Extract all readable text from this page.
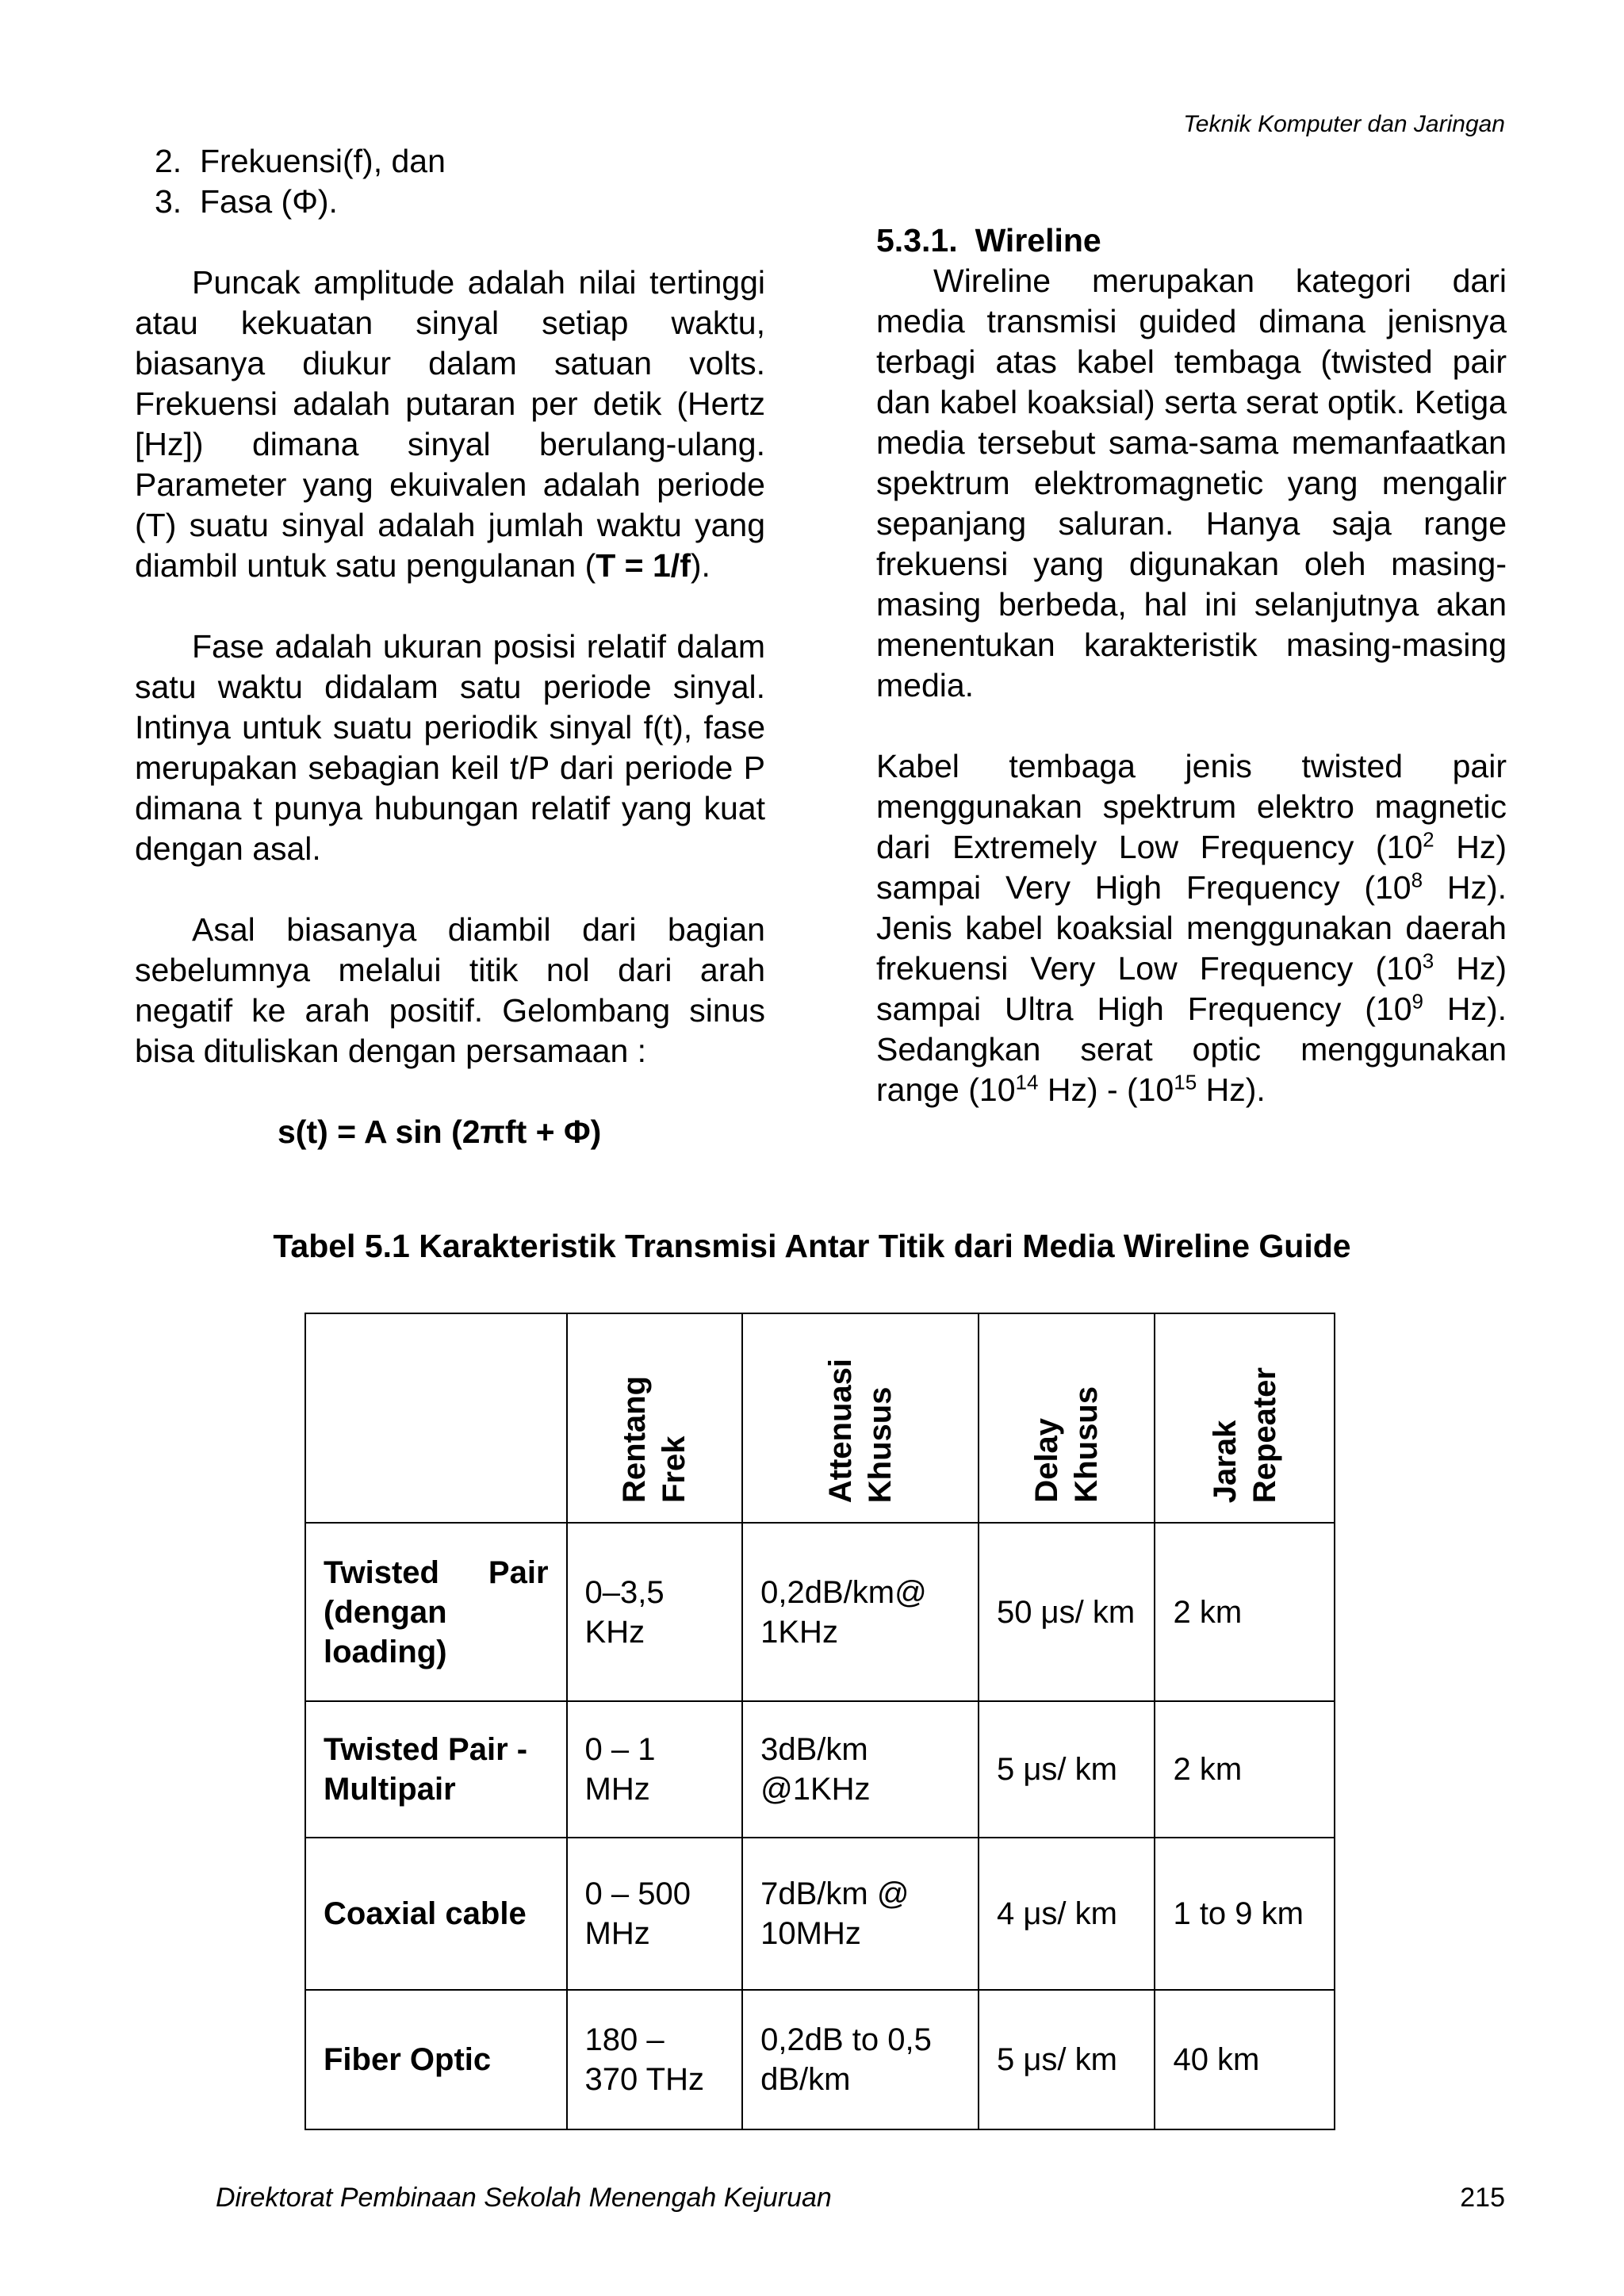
Teknik Komputer dan Jaringan
2. Frekuensi(f), dan
3. Fasa (Φ).

Puncak amplitude adalah nilai tertinggi atau kekuatan sinyal setiap waktu, biasanya diukur dalam satuan volts. Frekuensi adalah putaran per detik (Hertz [Hz]) dimana sinyal berulang-ulang. Parameter yang ekuivalen adalah periode (T) suatu sinyal adalah jumlah waktu yang diambil untuk satu pengulanan (T = 1/f).

Fase adalah ukuran posisi relatif dalam satu waktu didalam satu periode sinyal. Intinya untuk suatu periodik sinyal f(t), fase merupakan sebagian keil t/P dari periode P dimana t punya hubungan relatif yang kuat dengan asal.

Asal biasanya diambil dari bagian sebelumnya melalui titik nol dari arah negatif ke arah positif. Gelombang sinus bisa dituliskan dengan persamaan :

s(t) = A sin (2πft + Φ)

5.3.1. Wireline

Wireline merupakan kategori dari media transmisi guided dimana jenisnya terbagi atas kabel tembaga (twisted pair dan kabel koaksial) serta serat optik. Ketiga media tersebut sama-sama memanfaatkan spektrum elektromagnetic yang mengalir sepanjang saluran. Hanya saja range frekuensi yang digunakan oleh masing-masing berbeda, hal ini selanjutnya akan menentukan karakteristik masing-masing media.

Kabel tembaga jenis twisted pair menggunakan spektrum elektro magnetic dari Extremely Low Frequency ($10^2$ Hz) sampai Very High Frequency ($10^8$ Hz). Jenis kabel koaksial menggunakan daerah frekuensi Very Low Frequency ($10^3$ Hz) sampai Ultra High Frequency ($10^9$ Hz). Sedangkan serat optic menggunakan range ($10^{14}$ $Hz) - (10^{15}$ Hz).

Tabel 5.1 Karakteristik Transmisi Antar Titik dari Media Wireline Guide

	Rentang Frek	Attenuasi Khusus	Delay Khusus	Jarak Repeater

Twisted Pair (dengan loading)	0–3,5 KHz	0,2dB/km@ 1KHz	50 μs/ km	2 km
Twisted Pair - Multipair	0 – 1 MHz	3dB/km @1KHz	5 μs/ km	2 km
Coaxial cable	0 – 500 MHz	7dB/km @ 10MHz	4 μs/ km	1 to 9 km
Fiber Optic	180 – 370 THz	0,2dB to 0,5 dB/km	5 μs/ km	40 km
Direktorat Pembinaan Sekolah Menengah Kejuruan	215
